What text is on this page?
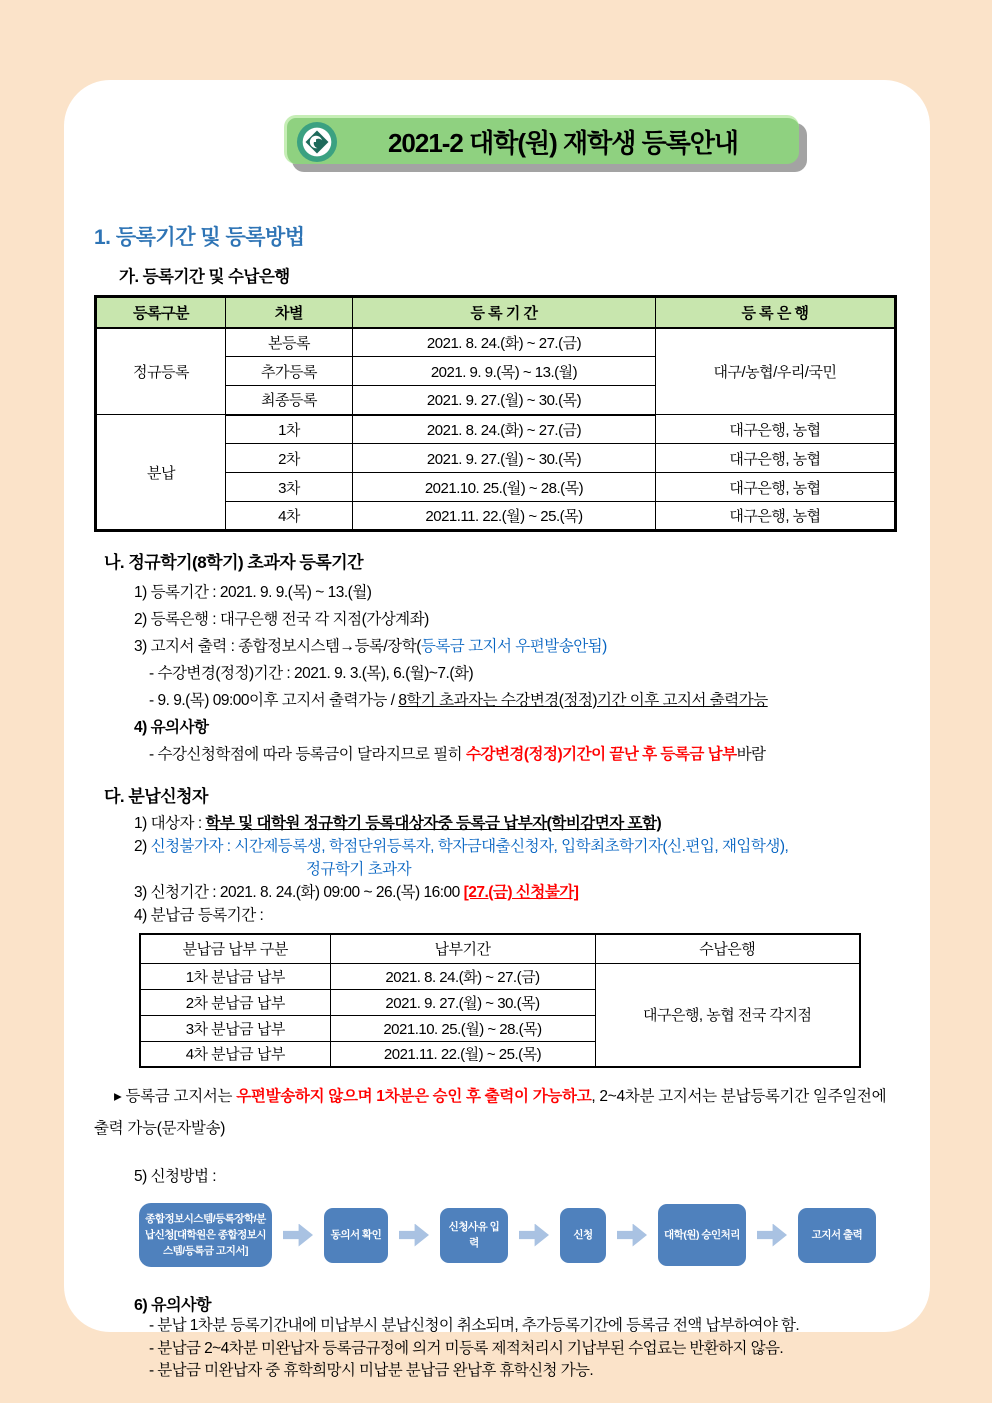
2021-2 대학(원) 재학생 등록안내
1. 등록기간 및 등록방법
가. 등록기간 및 수납은행
등록구분	차별	등 록 기 간	등 록 은 행
정규등록	본등록	2021. 8. 24.(화) ~ 27.(금)	대구/농협/우리/국민
	추가등록	2021. 9. 9.(목) ~ 13.(월)	
	최종등록	2021. 9. 27.(월) ~ 30.(목)	
분납	1차	2021. 8. 24.(화) ~ 27.(금)	대구은행, 농협
	2차	2021. 9. 27.(월) ~ 30.(목)	대구은행, 농협
	3차	2021.10. 25.(월) ~ 28.(목)	대구은행, 농협
	4차	2021.11. 22.(월) ~ 25.(목)	대구은행, 농협
나. 정규학기(8학기) 초과자 등록기간
1) 등록기간 : 2021. 9. 9.(목) ~ 13.(월)
2) 등록은행 : 대구은행 전국 각 지점(가상계좌)
3) 고지서 출력 : 종합정보시스템→등록/장학(등록금 고지서 우편발송안됨)
- 수강변경(정정)기간 : 2021. 9. 3.(목), 6.(월)~7.(화)
- 9. 9.(목) 09:00이후 고지서 출력가능 / 8학기 초과자는 수강변경(정정)기간 이후 고지서 출력가능
4) 유의사항
- 수강신청학점에 따라 등록금이 달라지므로 필히 수강변경(정정)기간이 끝난 후 등록금 납부바람
다. 분납신청자
1) 대상자 : 학부 및 대학원 정규학기 등록대상자중 등록금 납부자(학비감면자 포함)
2) 신청불가자 : 시간제등록생, 학점단위등록자, 학자금대출신청자, 입학최초학기자(신.편입, 재입학생),
정규학기 초과자
3) 신청기간 : 2021. 8. 24.(화) 09:00 ~ 26.(목) 16:00 [27.(금) 신청불가]
4) 분납금 등록기간 :
분납금 납부 구분	납부기간	수납은행
1차 분납금 납부	2021. 8. 24.(화) ~ 27.(금)	대구은행, 농협 전국 각지점
2차 분납금 납부	2021. 9. 27.(월) ~ 30.(목)	
3차 분납금 납부	2021.10. 25.(월) ~ 28.(목)	
4차 분납금 납부	2021.11. 22.(월) ~ 25.(목)	
▸ 등록금 고지서는 우편발송하지 않으며 1차분은 승인 후 출력이 가능하고, 2~4차분 고지서는 분납등록기간 일주일전에 출력 가능(문자발송)
5) 신청방법 :
종합정보시스템/등록장학/분납신청[대학원은 종합정보시스템/등록금 고지서]
동의서 확인
신청사유 입력
신청	대학(원) 승인처리	고지서 출력
6) 유의사항
- 분납 1차분 등록기간내에 미납부시 분납신청이 취소되며, 추가등록기간에 등록금 전액 납부하여야 함.
- 분납금 2~4차분 미완납자 등록금규정에 의거 미등록 제적처리시 기납부된 수업료는 반환하지 않음.
- 분납금 미완납자 중 휴학희망시 미납분 분납금 완납후 휴학신청 가능.
